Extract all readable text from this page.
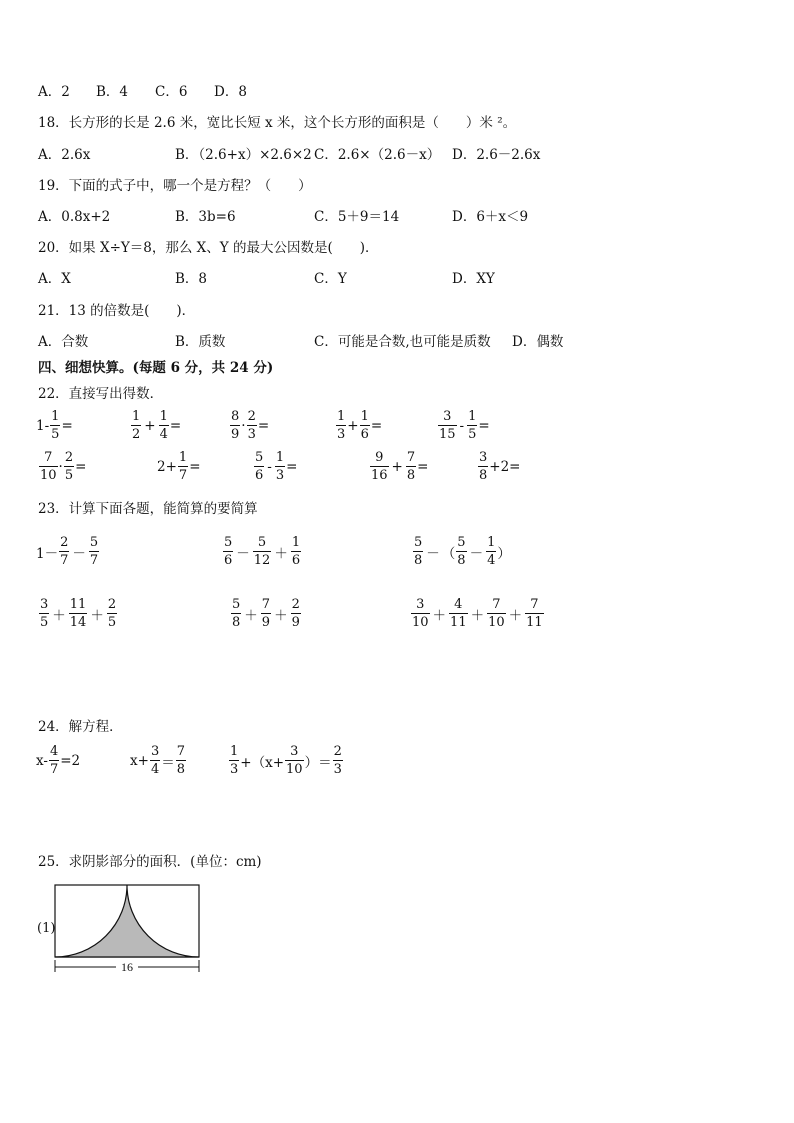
A．2 B．4 C．6 D．8
18．长方形的长是 2.6 米，宽比长短 x 米，这个长方形的面积是（　　）米 ²。
A．2.6x	B．（2.6+x）×2.6×2 C．2.6×（2.6－x） D．2.6－2.6x
19．下面的式子中，哪一个是方程？（　　）
A．0.8x+2	B．3b=6	C．5＋9＝14	D．6＋x＜9
20．如果 X÷Y＝8，那么 X、Y 的最大公因数是(　　)．
A．X	B．8	C．Y	D．XY
21．13 的倍数是(　　)．
A．合数	B．质数	C．可能是合数,也可能是质数 D．偶数
四、细想快算。(每题 6 分，共 24 分)
22．直接写出得数．
$1- \frac{1}{5}$ =	$\frac{1}{2} + \frac{1}{4}$ =	$\frac{8}{9} \cdot \frac{2}{3}$ =	$\frac{1}{3} + \frac{1}{6}$ =	$\frac{3}{15} - \frac{1}{5}$ =
$\frac{7}{10} \cdot \frac{2}{5}$ =	$2+ \frac{1}{7}$ =	$\frac{5}{6} - \frac{1}{3}$ =	$\frac{9}{16} + \frac{7}{8}$ =	$\frac{3}{8} +2=$
23．计算下面各题，能简算的要简算
$1- \frac{2}{7} - \frac{5}{7}$	$\frac{5}{6} - \frac{5}{12} + \frac{1}{6}$	$\frac{5}{8}$ － （ $\frac{5}{8} - \frac{1}{4}$ ）
$\frac{3}{5} + \frac{11}{14} + \frac{2}{5}$	$\frac{5}{8} + \frac{7}{9} + \frac{2}{9}$	$\frac{3}{10} + \frac{4}{11} + \frac{7}{10} + \frac{7}{11}$
24．解方程．
$x- \frac{4}{7} =2$	$x+ \frac{3}{4} = \frac{7}{8}$	$\frac{1}{3} +(x+ \frac{3}{10}$ ）＝ $\frac{2}{3}$
25．求阴影部分的面积．(单位：cm)
(1)
16
